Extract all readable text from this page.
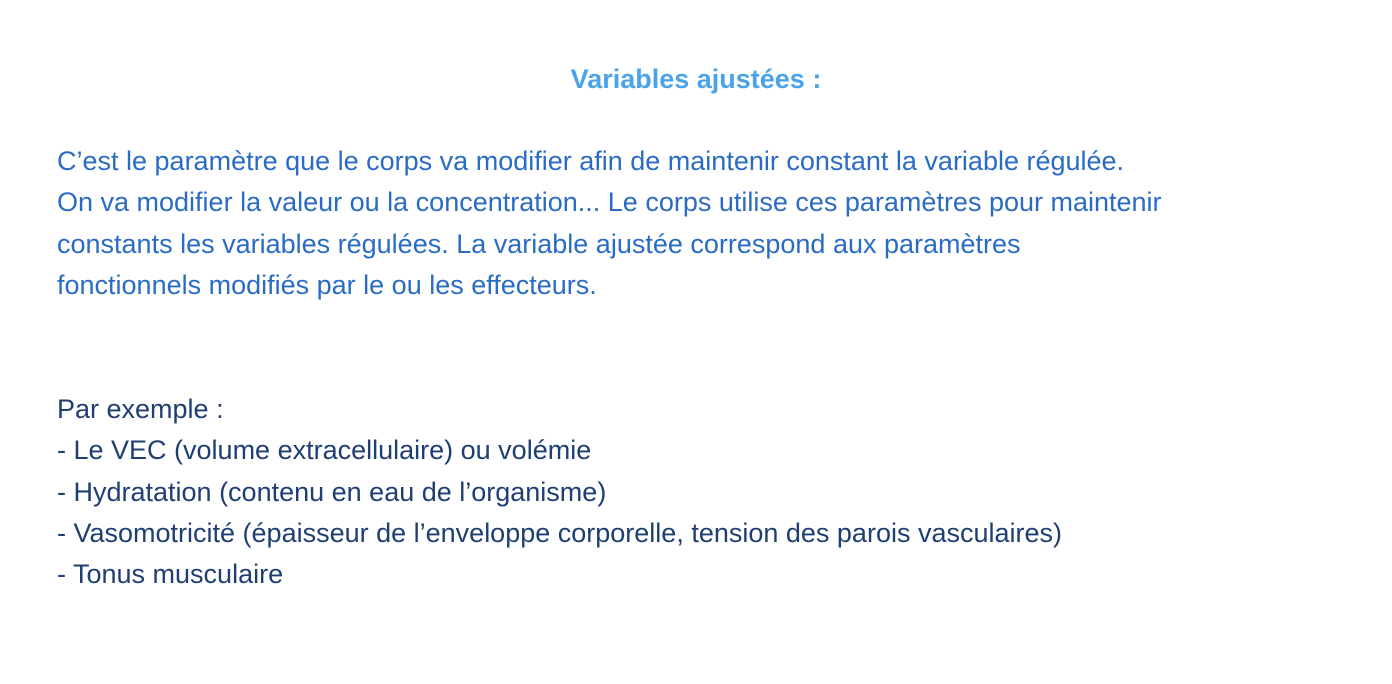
Variables ajustées :

C’est le paramètre que le corps va modifier afin de maintenir constant la variable régulée.
On va modifier la valeur ou la concentration... Le corps utilise ces paramètres pour maintenir
constants les variables régulées. La variable ajustée correspond aux paramètres
fonctionnels modifiés par le ou les effecteurs.

Par exemple :
- Le VEC (volume extracellulaire) ou volémie
- Hydratation (contenu en eau de l’organisme)
- Vasomotricité (épaisseur de l’enveloppe corporelle, tension des parois vasculaires)
- Tonus musculaire
